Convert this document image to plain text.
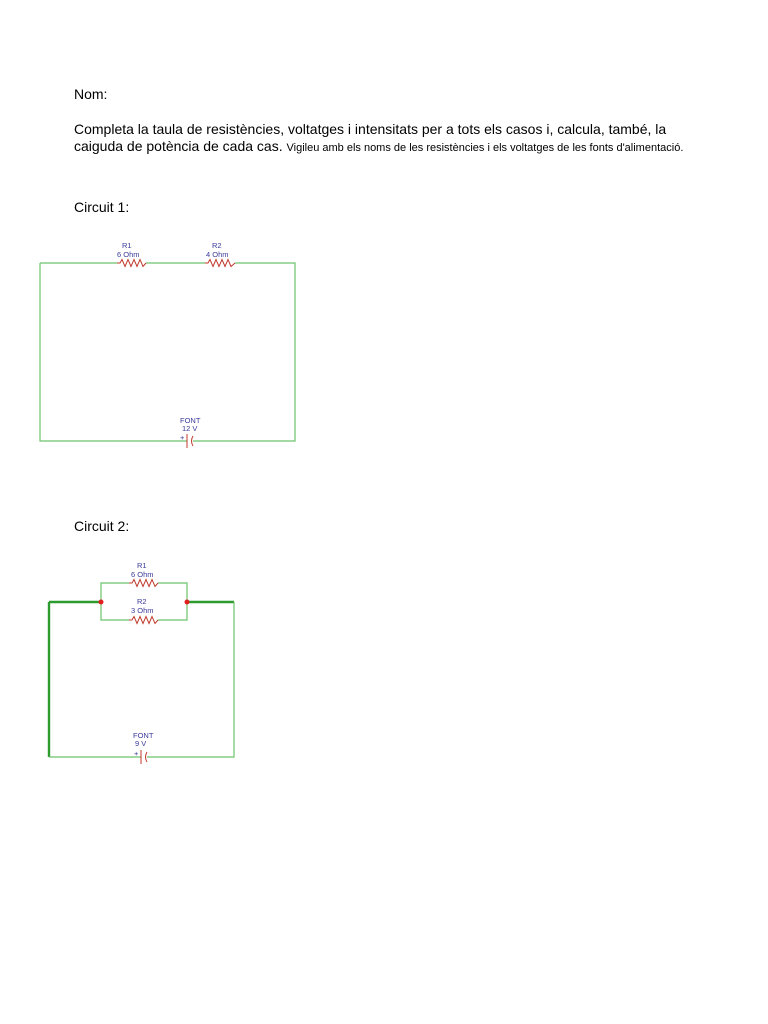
Nom:

Completa la taula de resistències, voltatges i intensitats per a tots els casos i, calcula, també, la caiguda de potència de cada cas. Vigileu amb els noms de les resistències i els voltatges de les fonts d'alimentació.

Circuit 1:

Circuit 2:

R1
6 Ohm
R2
4 Ohm
FONT
12 V
+
R1
6 Ohm
R2
3 Ohm
FONT
9 V
+
